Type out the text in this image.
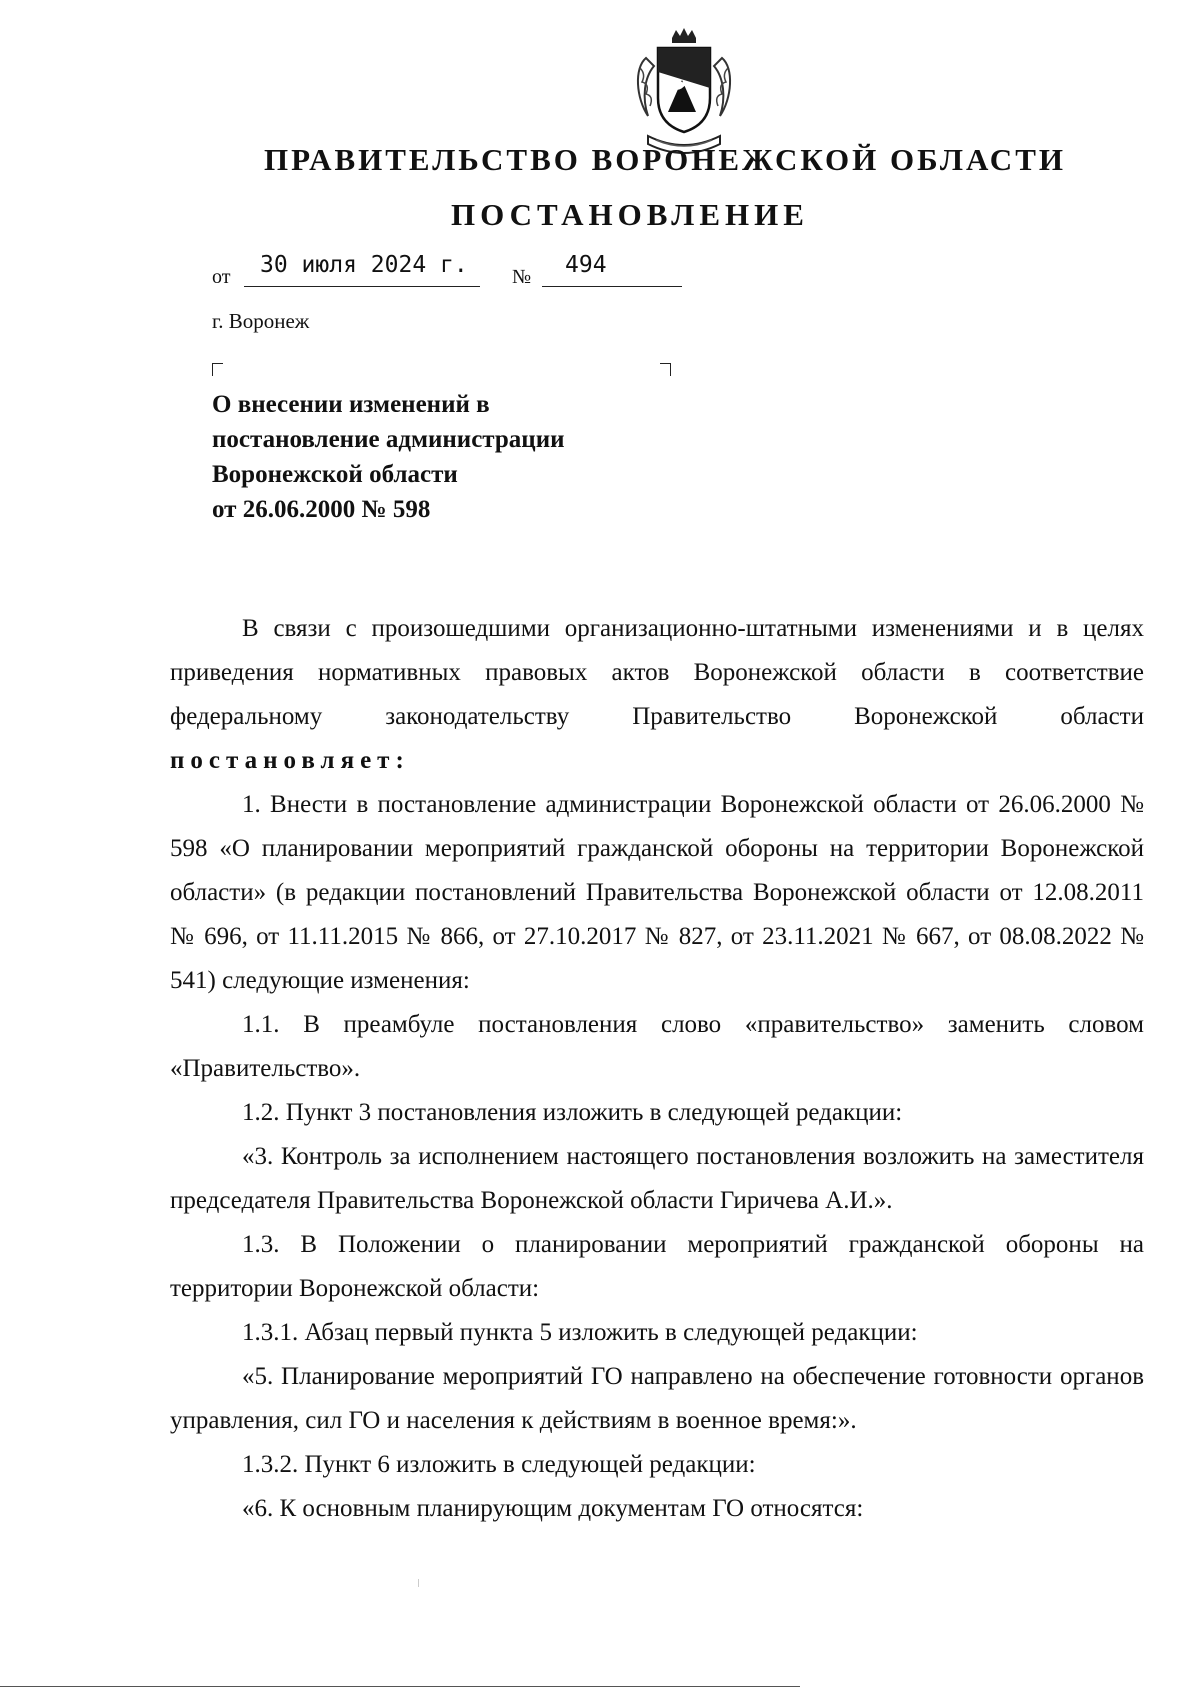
ПРАВИТЕЛЬСТВО ВОРОНЕЖСКОЙ ОБЛАСТИ
ПОСТАНОВЛЕНИЕ
от 30 июля 2024 г. № 494
г. Воронеж
О внесении изменений в
постановление администрации
Воронежской области
от 26.06.2000 № 598

В связи с произошедшими организационно-штатными изменениями и в целях приведения нормативных правовых актов Воронежской области в соответствие федеральному законодательству Правительство Воронежской области постановляет:

1. Внести в постановление администрации Воронежской области от 26.06.2000 № 598 «О планировании мероприятий гражданской обороны на территории Воронежской области» (в редакции постановлений Правительства Воронежской области от 12.08.2011 № 696, от 11.11.2015 № 866, от 27.10.2017 № 827, от 23.11.2021 № 667, от 08.08.2022 № 541) следующие изменения:

1.1. В преамбуле постановления слово «правительство» заменить словом «Правительство».

1.2. Пункт 3 постановления изложить в следующей редакции:

«3. Контроль за исполнением настоящего постановления возложить на заместителя председателя Правительства Воронежской области Гиричева А.И.».

1.3. В Положении о планировании мероприятий гражданской обороны на территории Воронежской области:

1.3.1. Абзац первый пункта 5 изложить в следующей редакции:

«5. Планирование мероприятий ГО направлено на обеспечение готовности органов управления, сил ГО и населения к действиям в военное время:».

1.3.2. Пункт 6 изложить в следующей редакции:

«6. К основным планирующим документам ГО относятся:
